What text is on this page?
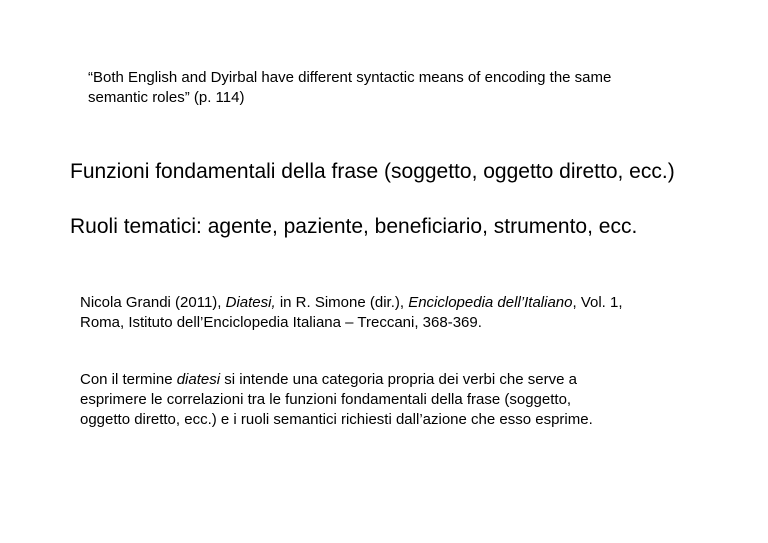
“Both English and Dyirbal have different syntactic means of encoding the same
semantic roles” (p. 114)
Funzioni fondamentali della frase (soggetto, oggetto diretto, ecc.)
Ruoli tematici: agente, paziente, beneficiario, strumento, ecc.
Nicola Grandi (2011), Diatesi, in R. Simone (dir.), Enciclopedia dell’Italiano, Vol. 1,
Roma, Istituto dell’Enciclopedia Italiana – Treccani, 368-369.
Con il termine diatesi si intende una categoria propria dei verbi che serve a
esprimere le correlazioni tra le funzioni fondamentali della frase (soggetto,
oggetto diretto, ecc.) e i ruoli semantici richiesti dall’azione che esso esprime.
